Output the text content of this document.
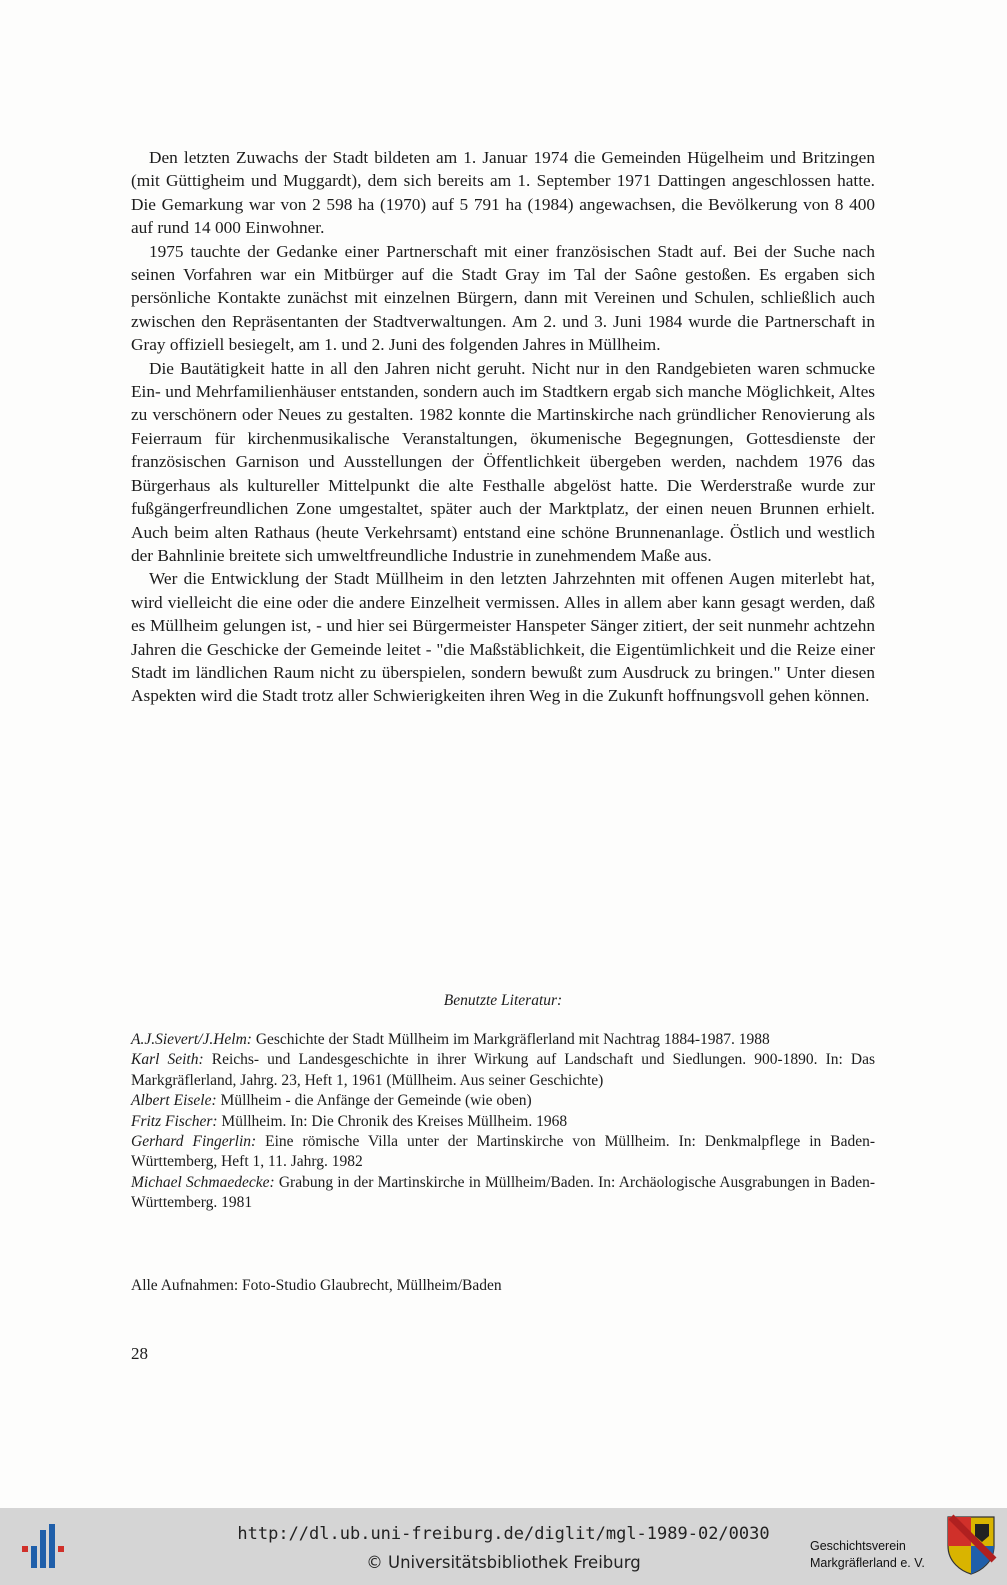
Den letzten Zuwachs der Stadt bildeten am 1. Januar 1974 die Gemeinden Hügelheim und Britzingen (mit Güttigheim und Muggardt), dem sich bereits am 1. September 1971 Dattingen angeschlossen hatte. Die Gemarkung war von 2 598 ha (1970) auf 5 791 ha (1984) angewachsen, die Bevölkerung von 8 400 auf rund 14 000 Einwohner.

1975 tauchte der Gedanke einer Partnerschaft mit einer französischen Stadt auf. Bei der Suche nach seinen Vorfahren war ein Mitbürger auf die Stadt Gray im Tal der Saône gestoßen. Es ergaben sich persönliche Kontakte zunächst mit einzelnen Bürgern, dann mit Vereinen und Schulen, schließlich auch zwischen den Repräsentanten der Stadtverwaltungen. Am 2. und 3. Juni 1984 wurde die Partnerschaft in Gray offiziell besiegelt, am 1. und 2. Juni des folgenden Jahres in Müllheim.

Die Bautätigkeit hatte in all den Jahren nicht geruht. Nicht nur in den Randgebieten waren schmucke Ein- und Mehrfamilienhäuser entstanden, sondern auch im Stadtkern ergab sich manche Möglichkeit, Altes zu verschönern oder Neues zu gestalten. 1982 konnte die Martinskirche nach gründlicher Renovierung als Feierraum für kirchenmusikalische Veranstaltungen, ökumenische Begegnungen, Gottesdienste der französischen Garnison und Ausstellungen der Öffentlichkeit übergeben werden, nachdem 1976 das Bürgerhaus als kultureller Mittelpunkt die alte Festhalle abgelöst hatte. Die Werderstraße wurde zur fußgängerfreundlichen Zone umgestaltet, später auch der Marktplatz, der einen neuen Brunnen erhielt. Auch beim alten Rathaus (heute Verkehrsamt) entstand eine schöne Brunnenanlage. Östlich und westlich der Bahnlinie breitete sich umweltfreundliche Industrie in zunehmendem Maße aus.

Wer die Entwicklung der Stadt Müllheim in den letzten Jahrzehnten mit offenen Augen miterlebt hat, wird vielleicht die eine oder die andere Einzelheit vermissen. Alles in allem aber kann gesagt werden, daß es Müllheim gelungen ist, - und hier sei Bürgermeister Hanspeter Sänger zitiert, der seit nunmehr achtzehn Jahren die Geschicke der Gemeinde leitet - "die Maßstäblichkeit, die Eigentümlichkeit und die Reize einer Stadt im ländlichen Raum nicht zu überspielen, sondern bewußt zum Ausdruck zu bringen." Unter diesen Aspekten wird die Stadt trotz aller Schwierigkeiten ihren Weg in die Zukunft hoffnungsvoll gehen können.

Benutzte Literatur:

A.J.Sievert/J.Helm: Geschichte der Stadt Müllheim im Markgräflerland mit Nachtrag 1884-1987. 1988

Karl Seith: Reichs- und Landesgeschichte in ihrer Wirkung auf Landschaft und Siedlungen. 900-1890. In: Das Markgräflerland, Jahrg. 23, Heft 1, 1961 (Müllheim. Aus seiner Geschichte)

Albert Eisele: Müllheim - die Anfänge der Gemeinde (wie oben)

Fritz Fischer: Müllheim. In: Die Chronik des Kreises Müllheim. 1968

Gerhard Fingerlin: Eine römische Villa unter der Martinskirche von Müllheim. In: Denkmalpflege in Baden-Württemberg, Heft 1, 11. Jahrg. 1982

Michael Schmaedecke: Grabung in der Martinskirche in Müllheim/Baden. In: Archäologische Ausgrabungen in Baden-Württemberg. 1981

Alle Aufnahmen: Foto-Studio Glaubrecht, Müllheim/Baden
28
http://dl.ub.uni-freiburg.de/diglit/mgl-1989-02/0030
© Universitätsbibliothek Freiburg
Geschichtsverein
Markgräflerland e. V.
